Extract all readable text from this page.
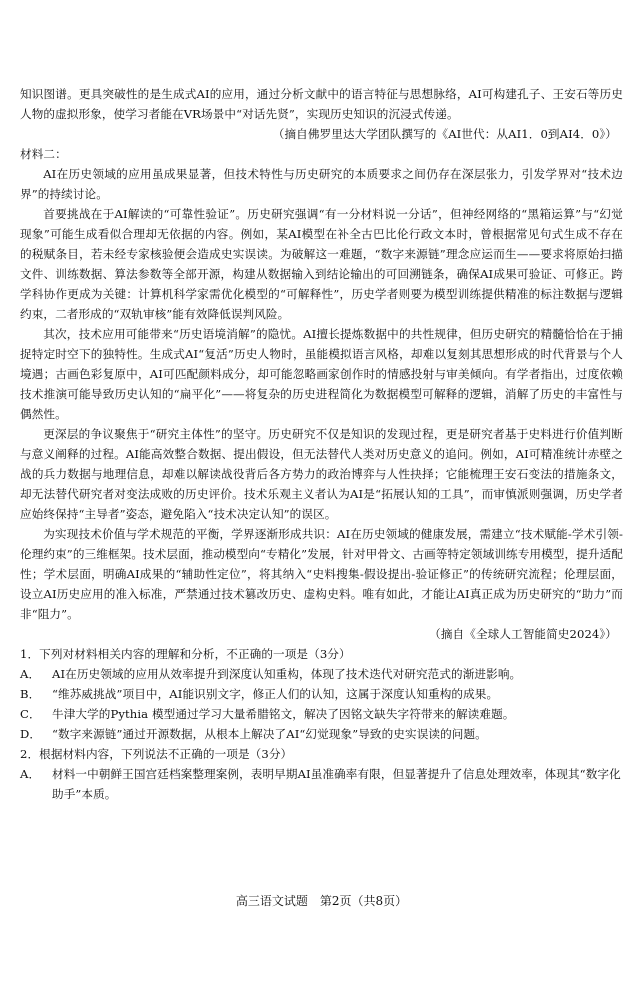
知识图谱。更具突破性的是生成式AI的应用，通过分析文献中的语言特征与思想脉络，AI可构建孔子、王安石等历史人物的虚拟形象，使学习者能在VR场景中“对话先贤”，实现历史知识的沉浸式传递。

（摘自佛罗里达大学团队撰写的《AI世代：从AI1．0到AI4．0》）

材料二：

AI在历史领域的应用虽成果显著，但技术特性与历史研究的本质要求之间仍存在深层张力，引发学界对“技术边界”的持续讨论。

首要挑战在于AI解读的“可靠性验证”。历史研究强调“有一分材料说一分话”，但神经网络的“黑箱运算”与“幻觉现象”可能生成看似合理却无依据的内容。例如，某AI模型在补全古巴比伦行政文本时，曾根据常见句式生成不存在的税赋条目，若未经专家核验便会造成史实误读。为破解这一难题，“数字来源链”理念应运而生——要求将原始扫描文件、训练数据、算法参数等全部开源，构建从数据输入到结论输出的可回溯链条，确保AI成果可验证、可修正。跨学科协作更成为关键：计算机科学家需优化模型的“可解释性”，历史学者则要为模型训练提供精准的标注数据与逻辑约束，二者形成的“双轨审核”能有效降低误判风险。

其次，技术应用可能带来“历史语境消解”的隐忧。AI擅长提炼数据中的共性规律，但历史研究的精髓恰恰在于捕捉特定时空下的独特性。生成式AI“复活”历史人物时，虽能模拟语言风格，却难以复刻其思想形成的时代背景与个人境遇；古画色彩复原中，AI可匹配颜料成分，却可能忽略画家创作时的情感投射与审美倾向。有学者指出，过度依赖技术推演可能导致历史认知的“扁平化”——将复杂的历史进程简化为数据模型可解释的逻辑，消解了历史的丰富性与偶然性。

更深层的争议聚焦于“研究主体性”的坚守。历史研究不仅是知识的发现过程，更是研究者基于史料进行价值判断与意义阐释的过程。AI能高效整合数据、提出假设，但无法替代人类对历史意义的追问。例如，AI可精准统计赤壁之战的兵力数据与地理信息，却难以解读战役背后各方势力的政治博弈与人性抉择；它能梳理王安石变法的措施条文，却无法替代研究者对变法成败的历史评价。技术乐观主义者认为AI是“拓展认知的工具”，而审慎派则强调，历史学者应始终保持“主导者”姿态，避免陷入“技术决定认知”的误区。

为实现技术价值与学术规范的平衡，学界逐渐形成共识：AI在历史领域的健康发展，需建立“技术赋能-学术引领-伦理约束”的三维框架。技术层面，推动模型向“专精化”发展，针对甲骨文、古画等特定领域训练专用模型，提升适配性；学术层面，明确AI成果的“辅助性定位”，将其纳入“史料搜集-假设提出-验证修正”的传统研究流程；伦理层面，设立AI历史应用的准入标准，严禁通过技术篡改历史、虚构史料。唯有如此，才能让AI真正成为历史研究的“助力”而非“阻力”。

（摘自《全球人工智能简史2024》）

1．下列对材料相关内容的理解和分析，不正确的一项是（3分）

A． AI在历史领域的应用从效率提升到深度认知重构，体现了技术迭代对研究范式的渐进影响。

B． “维苏威挑战”项目中，AI能识别文字，修正人们的认知，这属于深度认知重构的成果。

C． 牛津大学的Pythia 模型通过学习大量希腊铭文，解决了因铭文缺失字符带来的解读难题。

D． “数字来源链”通过开源数据，从根本上解决了AI“幻觉现象”导致的史实误读的问题。

2．根据材料内容，下列说法不正确的一项是（3分）

A． 材料一中朝鲜王国宫廷档案整理案例，表明早期AI虽准确率有限，但显著提升了信息处理效率，体现其“数字化助手”本质。

高三语文试题　第2页（共8页）
